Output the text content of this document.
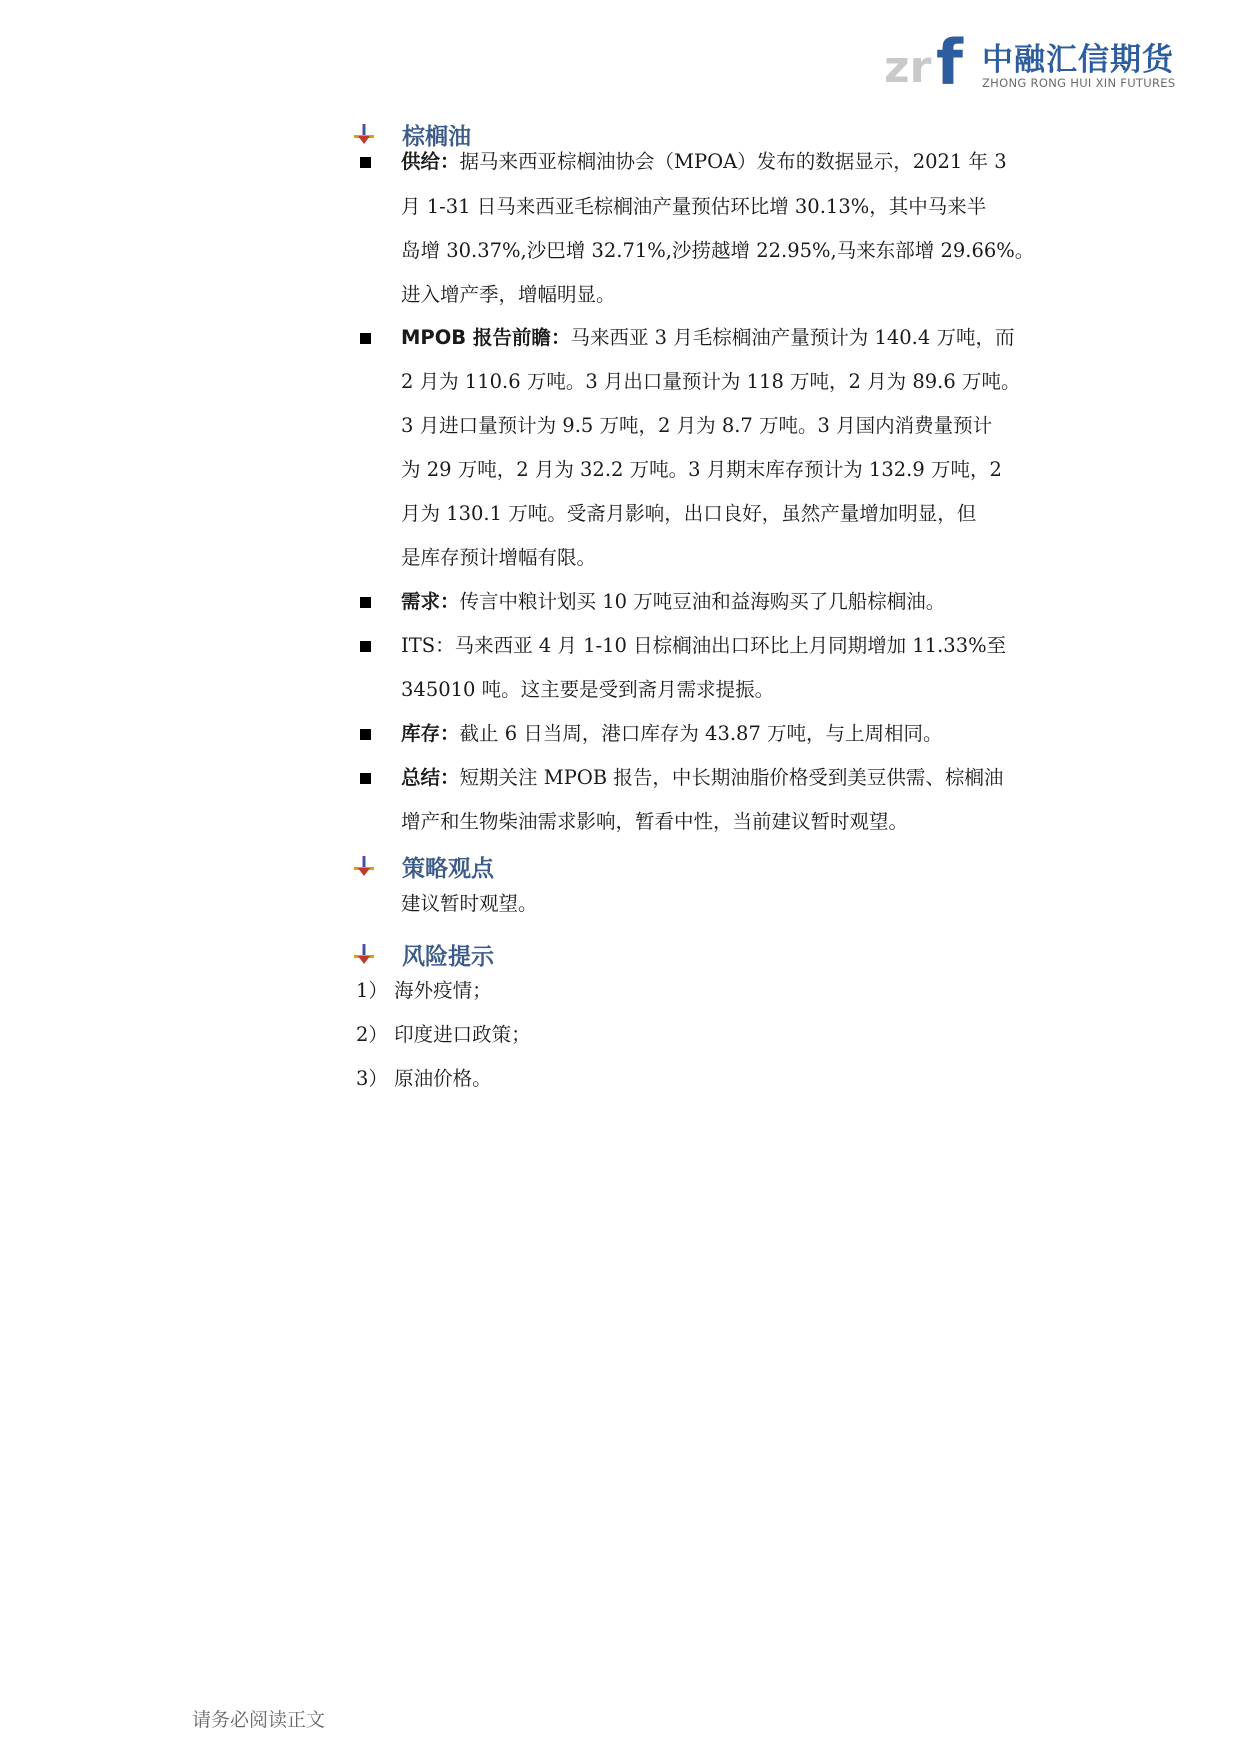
zr f 中融汇信期货
ZHONG RONG HUI XIN FUTURES
棕榈油
供给：据马来西亚棕榈油协会（MPOA）发布的数据显示，2021 年 3
月 1-31 日马来西亚毛棕榈油产量预估环比增 30.13%，其中马来半
岛增 30.37%,沙巴增 32.71%,沙捞越增 22.95%,马来东部增 29.66%。
进入增产季，增幅明显。
MPOB 报告前瞻：马来西亚 3 月毛棕榈油产量预计为 140.4 万吨，而
2 月为 110.6 万吨。3 月出口量预计为 118 万吨，2 月为 89.6 万吨。
3 月进口量预计为 9.5 万吨，2 月为 8.7 万吨。3 月国内消费量预计
为 29 万吨，2 月为 32.2 万吨。3 月期末库存预计为 132.9 万吨，2
月为 130.1 万吨。受斋月影响，出口良好，虽然产量增加明显，但
是库存预计增幅有限。
需求：传言中粮计划买 10 万吨豆油和益海购买了几船棕榈油。
ITS：马来西亚 4 月 1-10 日棕榈油出口环比上月同期增加 11.33%至
345010 吨。这主要是受到斋月需求提振。
库存：截止 6 日当周，港口库存为 43.87 万吨，与上周相同。
总结：短期关注 MPOB 报告，中长期油脂价格受到美豆供需、棕榈油
增产和生物柴油需求影响，暂看中性，当前建议暂时观望。
策略观点
建议暂时观望。
风险提示
1） 海外疫情；
2） 印度进口政策；
3） 原油价格。
请务必阅读正文
